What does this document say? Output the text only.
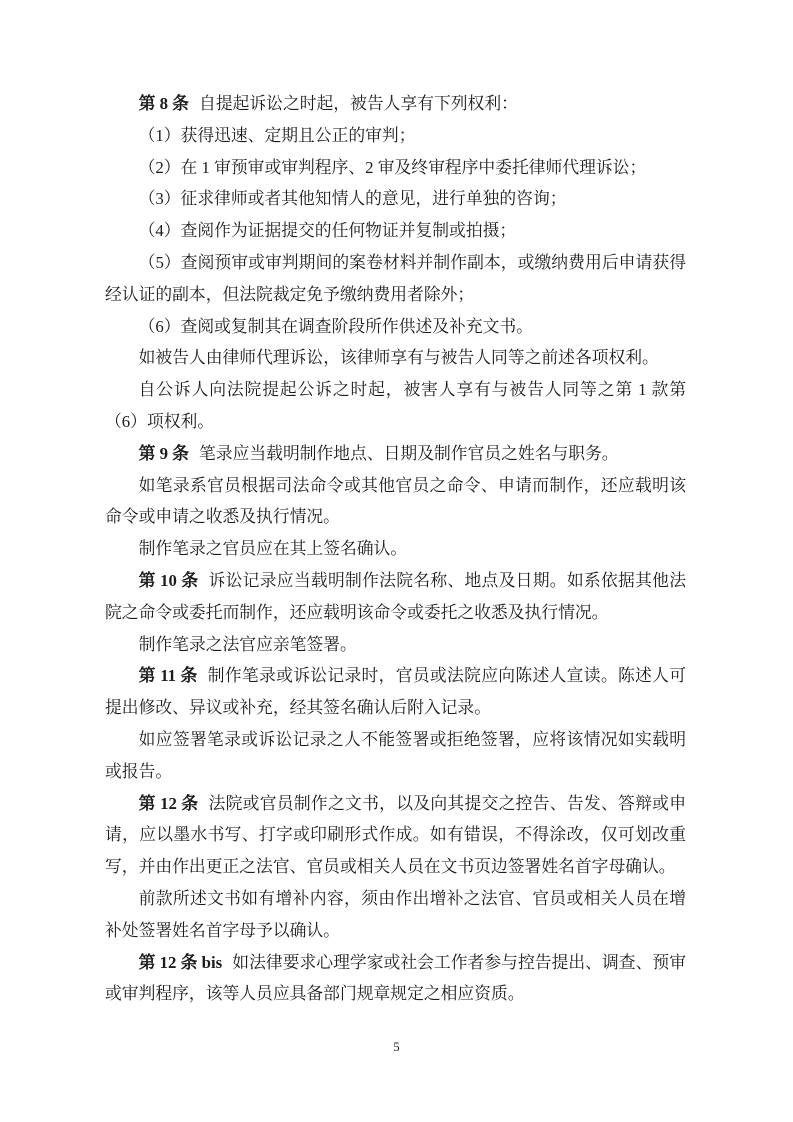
第 8 条 自提起诉讼之时起，被告人享有下列权利：

（1）获得迅速、定期且公正的审判；

（2）在 1 审预审或审判程序、2 审及终审程序中委托律师代理诉讼；

（3）征求律师或者其他知情人的意见，进行单独的咨询；

（4）查阅作为证据提交的任何物证并复制或拍摄；

（5）查阅预审或审判期间的案卷材料并制作副本，或缴纳费用后申请获得经认证的副本，但法院裁定免予缴纳费用者除外；

（6）查阅或复制其在调查阶段所作供述及补充文书。

如被告人由律师代理诉讼，该律师享有与被告人同等之前述各项权利。

自公诉人向法院提起公诉之时起，被害人享有与被告人同等之第 1 款第（6）项权利。

第 9 条 笔录应当载明制作地点、日期及制作官员之姓名与职务。

如笔录系官员根据司法命令或其他官员之命令、申请而制作，还应载明该命令或申请之收悉及执行情况。

制作笔录之官员应在其上签名确认。

第 10 条 诉讼记录应当载明制作法院名称、地点及日期。如系依据其他法院之命令或委托而制作，还应载明该命令或委托之收悉及执行情况。

制作笔录之法官应亲笔签署。

第 11 条 制作笔录或诉讼记录时，官员或法院应向陈述人宣读。陈述人可提出修改、异议或补充，经其签名确认后附入记录。

如应签署笔录或诉讼记录之人不能签署或拒绝签署，应将该情况如实载明或报告。

第 12 条 法院或官员制作之文书，以及向其提交之控告、告发、答辩或申请，应以墨水书写、打字或印刷形式作成。如有错误，不得涂改，仅可划改重写，并由作出更正之法官、官员或相关人员在文书页边签署姓名首字母确认。

前款所述文书如有增补内容，须由作出增补之法官、官员或相关人员在增补处签署姓名首字母予以确认。

第 12 条 bis 如法律要求心理学家或社会工作者参与控告提出、调查、预审或审判程序，该等人员应具备部门规章规定之相应资质。

5
